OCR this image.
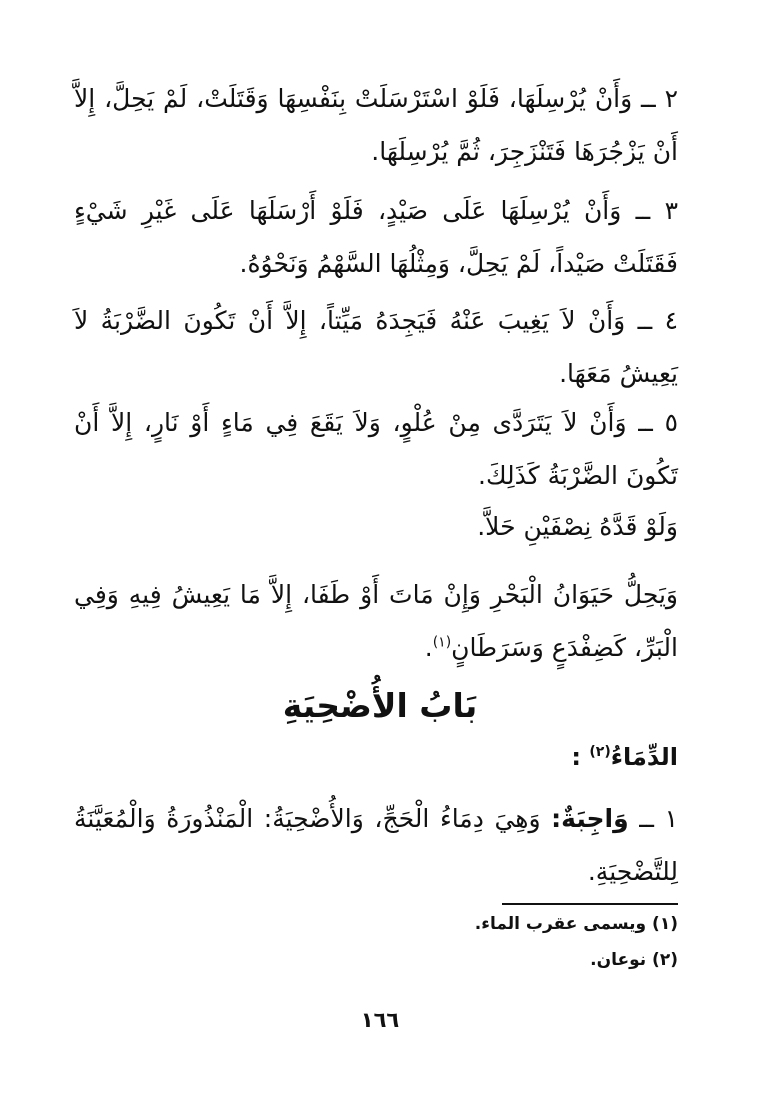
٢ ــ وَأَنْ يُرْسِلَهَا، فَلَوْ اسْتَرْسَلَتْ بِنَفْسِهَا وَقَتَلَتْ، لَمْ يَحِلَّ، إِلاَّ أَنْ يَزْجُرَهَا فَتَنْزَجِرَ، ثُمَّ يُرْسِلَهَا.

٣ ــ وَأَنْ يُرْسِلَهَا عَلَى صَيْدٍ، فَلَوْ أَرْسَلَهَا عَلَى غَيْرِ شَيْءٍ فَقَتَلَتْ صَيْداً، لَمْ يَحِلَّ، وَمِثْلُهَا السَّهْمُ وَنَحْوُهُ.

٤ ــ وَأَنْ لاَ يَغِيبَ عَنْهُ فَيَجِدَهُ مَيِّتاً، إِلاَّ أَنْ تَكُونَ الضَّرْبَةُ لاَ يَعِيشُ مَعَهَا.

٥ ــ وَأَنْ لاَ يَتَرَدَّى مِنْ عُلْوٍ، وَلاَ يَقَعَ فِي مَاءٍ أَوْ نَارٍ، إِلاَّ أَنْ تَكُونَ الضَّرْبَةُ كَذَلِكَ.

وَلَوْ قَدَّهُ نِصْفَيْنِ حَلاَّ.

وَيَحِلُّ حَيَوَانُ الْبَحْرِ وَإِنْ مَاتَ أَوْ طَفَا، إِلاَّ مَا يَعِيشُ فِيهِ وَفِي الْبَرِّ، كَضِفْدَعٍ وَسَرَطَانٍ$^{(١)}$.

بَابُ الأُضْحِيَةِ
الدِّمَاءُ$^{(٢)}$ :

١ ــ وَاجِبَةٌ: وَهِيَ دِمَاءُ الْحَجِّ، وَالأُضْحِيَةُ: الْمَنْذُورَةُ وَالْمُعَيَّنَةُ لِلتَّضْحِيَةِ.

(١) ويسمى عقرب الماء.
(٢) نوعان.
١٦٦
